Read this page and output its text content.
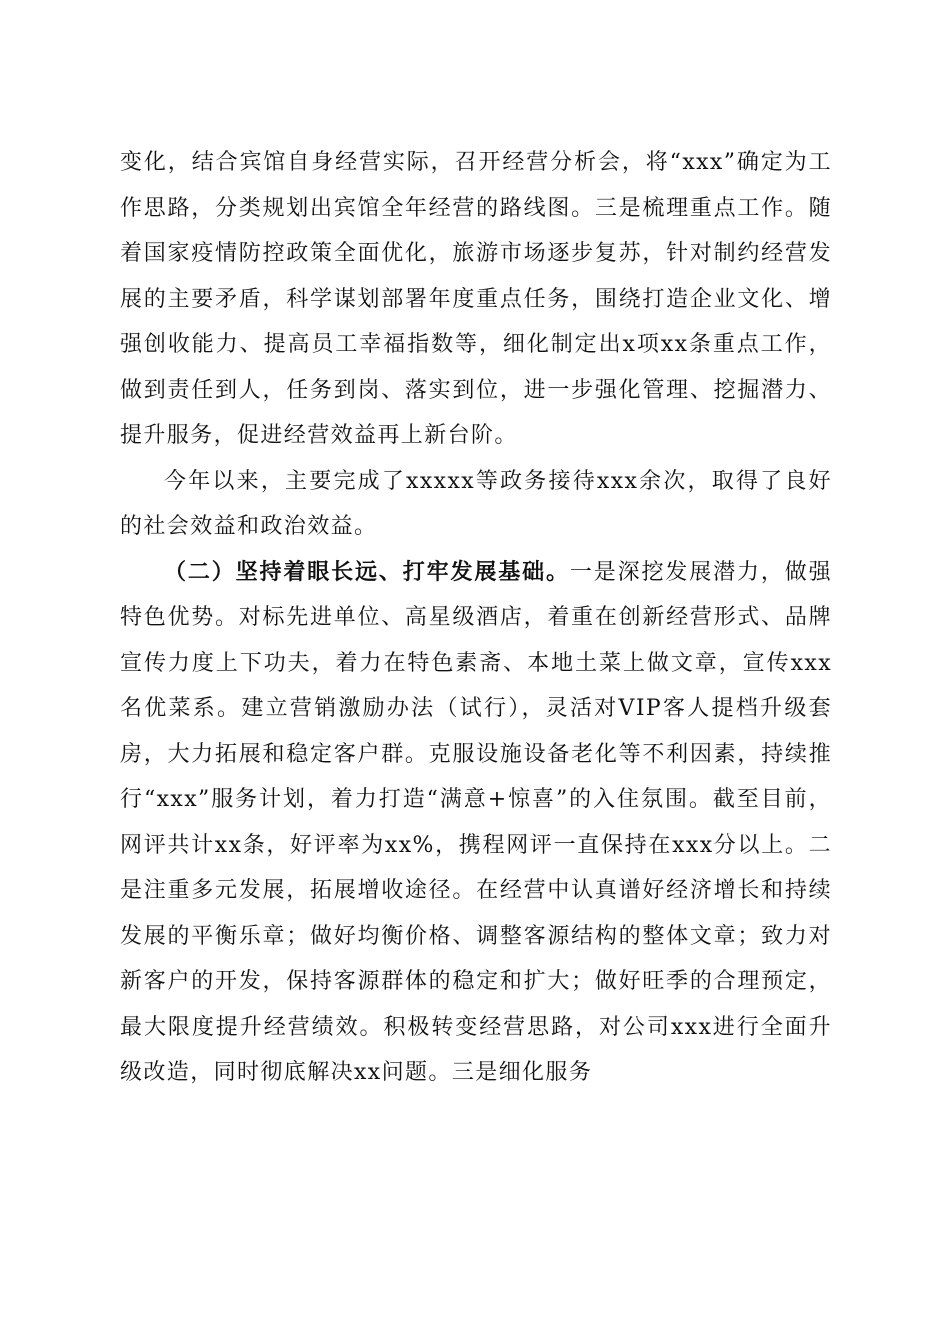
变化，结合宾馆自身经营实际，召开经营分析会，将“xxx”确定为工作思路，分类规划出宾馆全年经营的路线图。三是梳理重点工作。随着国家疫情防控政策全面优化，旅游市场逐步复苏，针对制约经营发展的主要矛盾，科学谋划部署年度重点任务，围绕打造企业文化、增强创收能力、提高员工幸福指数等，细化制定出x项xx条重点工作，做到责任到人，任务到岗、落实到位，进一步强化管理、挖掘潜力、提升服务，促进经营效益再上新台阶。

今年以来，主要完成了xxxxx等政务接待xxx余次，取得了良好的社会效益和政治效益。

（二）坚持着眼长远、打牢发展基础。一是深挖发展潜力，做强特色优势。对标先进单位、高星级酒店，着重在创新经营形式、品牌宣传力度上下功夫，着力在特色素斋、本地土菜上做文章，宣传xxx名优菜系。建立营销激励办法（试行），灵活对VIP客人提档升级套房，大力拓展和稳定客户群。克服设施设备老化等不利因素，持续推行“xxx”服务计划，着力打造“满意+惊喜”的入住氛围。截至目前，网评共计xx条，好评率为xx%，携程网评一直保持在xxx分以上。二是注重多元发展，拓展增收途径。在经营中认真谱好经济增长和持续发展的平衡乐章；做好均衡价格、调整客源结构的整体文章；致力对新客户的开发，保持客源群体的稳定和扩大；做好旺季的合理预定，最大限度提升经营绩效。积极转变经营思路，对公司xxx进行全面升级改造，同时彻底解决xx问题。三是细化服务
